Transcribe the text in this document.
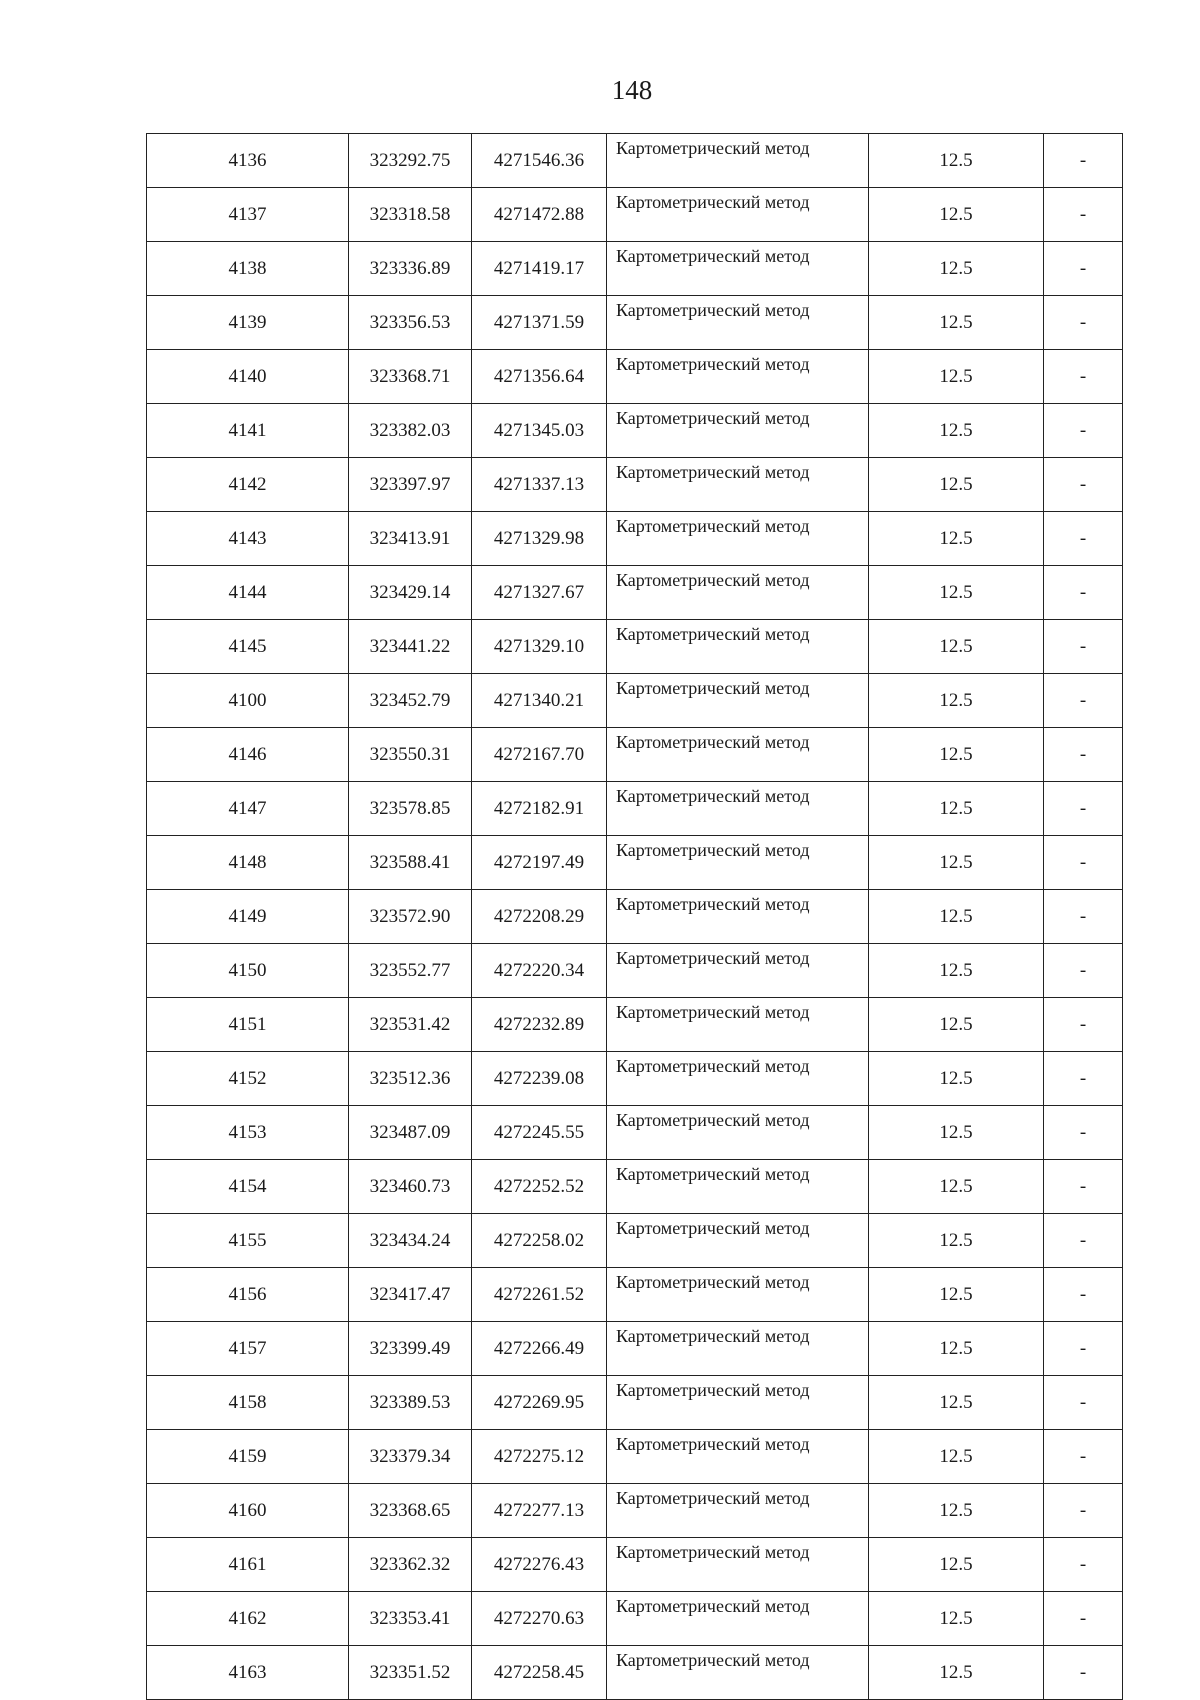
148
4136	323292.75	4271546.36	Картометрический метод	12.5	-
4137	323318.58	4271472.88	Картометрический метод	12.5	-
4138	323336.89	4271419.17	Картометрический метод	12.5	-
4139	323356.53	4271371.59	Картометрический метод	12.5	-
4140	323368.71	4271356.64	Картометрический метод	12.5	-
4141	323382.03	4271345.03	Картометрический метод	12.5	-
4142	323397.97	4271337.13	Картометрический метод	12.5	-
4143	323413.91	4271329.98	Картометрический метод	12.5	-
4144	323429.14	4271327.67	Картометрический метод	12.5	-
4145	323441.22	4271329.10	Картометрический метод	12.5	-
4100	323452.79	4271340.21	Картометрический метод	12.5	-
4146	323550.31	4272167.70	Картометрический метод	12.5	-
4147	323578.85	4272182.91	Картометрический метод	12.5	-
4148	323588.41	4272197.49	Картометрический метод	12.5	-
4149	323572.90	4272208.29	Картометрический метод	12.5	-
4150	323552.77	4272220.34	Картометрический метод	12.5	-
4151	323531.42	4272232.89	Картометрический метод	12.5	-
4152	323512.36	4272239.08	Картометрический метод	12.5	-
4153	323487.09	4272245.55	Картометрический метод	12.5	-
4154	323460.73	4272252.52	Картометрический метод	12.5	-
4155	323434.24	4272258.02	Картометрический метод	12.5	-
4156	323417.47	4272261.52	Картометрический метод	12.5	-
4157	323399.49	4272266.49	Картометрический метод	12.5	-
4158	323389.53	4272269.95	Картометрический метод	12.5	-
4159	323379.34	4272275.12	Картометрический метод	12.5	-
4160	323368.65	4272277.13	Картометрический метод	12.5	-
4161	323362.32	4272276.43	Картометрический метод	12.5	-
4162	323353.41	4272270.63	Картометрический метод	12.5	-
4163	323351.52	4272258.45	Картометрический метод	12.5	-
